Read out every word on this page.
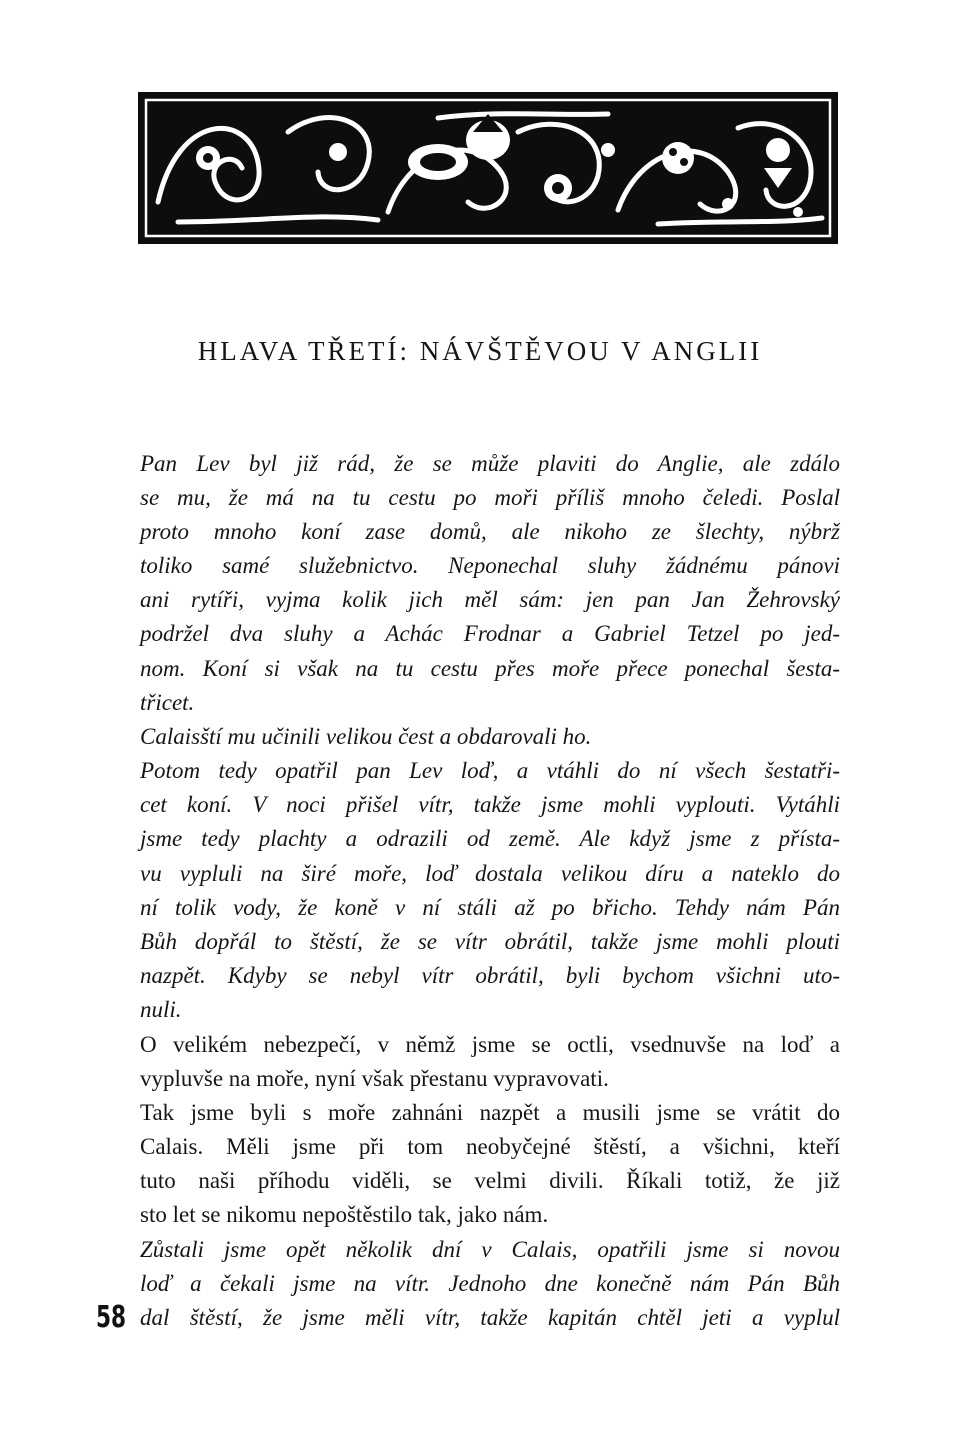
HLAVA TŘETÍ: NÁVŠTĚVOU V ANGLII

Pan Lev byl již rád, že se může plaviti do Anglie, ale zdálo

se mu, že má na tu cestu po moři příliš mnoho čeledi. Poslal

proto mnoho koní zase domů, ale nikoho ze šlechty, nýbrž

toliko samé služebnictvo. Neponechal sluhy žádnému pánovi

ani rytíři, vyjma kolik jich měl sám: jen pan Jan Žehrovský

podržel dva sluhy a Achác Frodnar a Gabriel Tetzel po jed-

nom. Koní si však na tu cestu přes moře přece ponechal šesta-

třicet.

Calaisští mu učinili velikou čest a obdarovali ho.

Potom tedy opatřil pan Lev loď, a vtáhli do ní všech šestatři-

cet koní. V noci přišel vítr, takže jsme mohli vyplouti. Vytáhli

jsme tedy plachty a odrazili od země. Ale když jsme z přísta-

vu vypluli na širé moře, loď dostala velikou díru a nateklo do

ní tolik vody, že koně v ní stáli až po břicho. Tehdy nám Pán

Bůh dopřál to štěstí, že se vítr obrátil, takže jsme mohli plouti

nazpět. Kdyby se nebyl vítr obrátil, byli bychom všichni uto-

nuli.

O velikém nebezpečí, v němž jsme se octli, vsednuvše na loď a

vypluvše na moře, nyní však přestanu vypravovati.

Tak jsme byli s moře zahnáni nazpět a musili jsme se vrátit do

Calais. Měli jsme při tom neobyčejné štěstí, a všichni, kteří

tuto naši příhodu viděli, se velmi divili. Říkali totiž, že již

sto let se nikomu nepoštěstilo tak, jako nám.

Zůstali jsme opět několik dní v Calais, opatřili jsme si novou

loď a čekali jsme na vítr. Jednoho dne konečně nám Pán Bůh

dal štěstí, že jsme měli vítr, takže kapitán chtěl jeti a vyplul

58
